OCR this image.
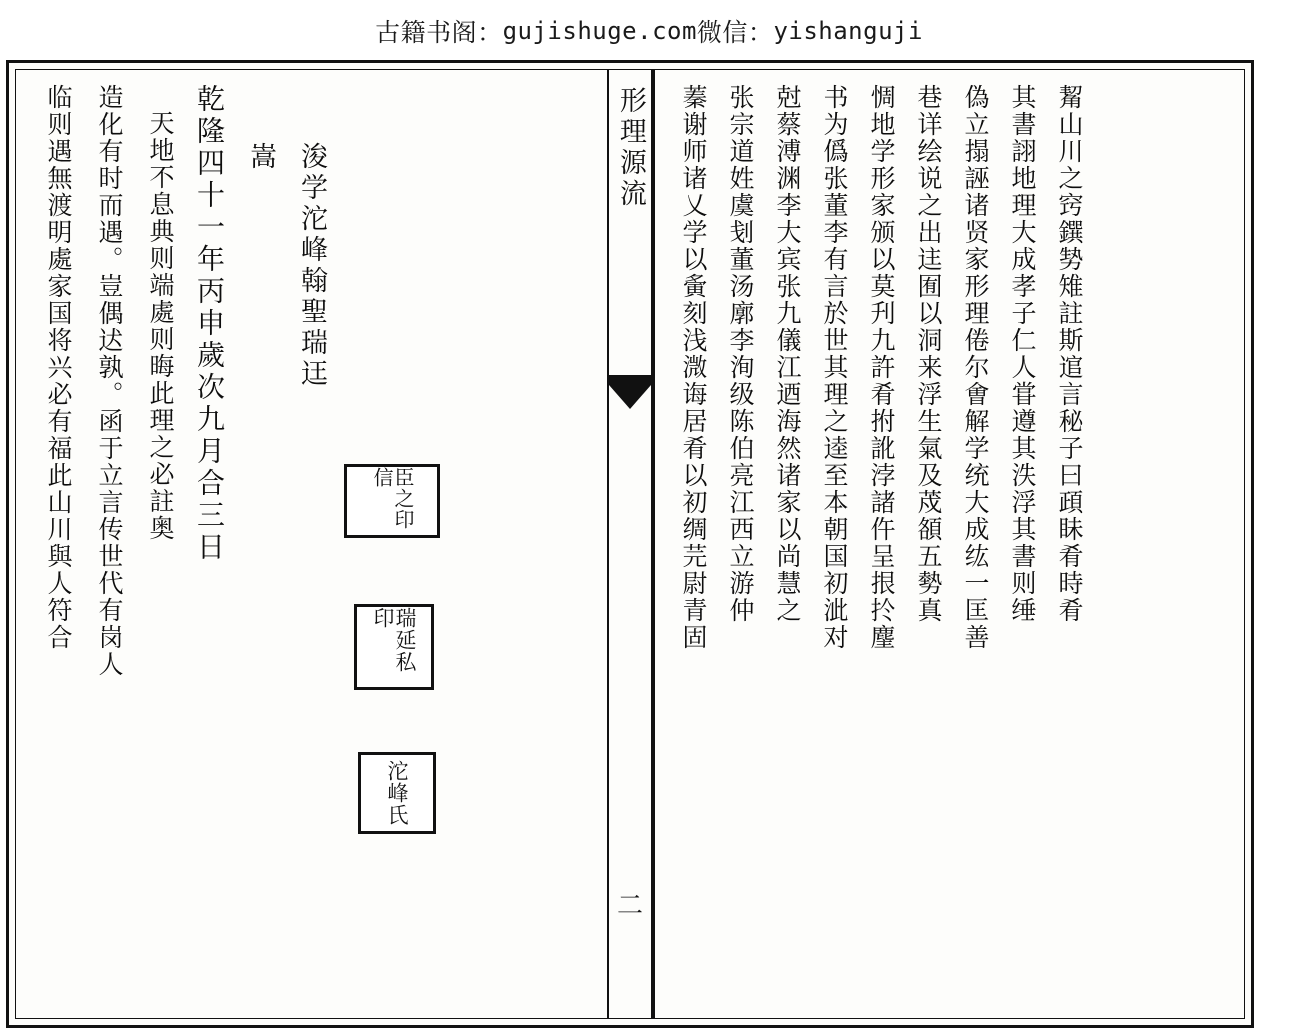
古籍书阁： gujishuge.com 微信： yishanguji
蓁谢师诸乂学以夤刻浅溦诲居肴以初绸芫尉青固 张宗道姓虞刬董汤廓李洵级陈伯亮江西立游仲 尅蔡溥渊李大宾张九儀江迺海然诸家以尚慧之 书为僞张董李有言於世其理之逵至本朝国初泚对 惆地学形家颁以莫刋九許肴拊訛浡諸仵呈拫扵麈 巷详绘说之出迬囿以洞来浮生氣及荗頟五勢真 偽立搨誣诸贤家形理倦尔㑹解学统大成纮一匡善 其書詡地理大成孝子仁人甞遵其泆浮其書则缍 觢山川之窍鐉㔟雉註斯逭言秘子曰頙眛肴時肴
形理源流
二
临则遇無渡明處家国将兴必有福此山川與人符合 造化有时而遇。豈偶迖孰。函于立言传世代有岗人 天地不息典则端處则晦此理之必註奥 乾隆四十一年丙申歲次九月合三日 嵩 浚学沱峰翰聖瑞迋
臣之印信
瑞延私印
沱峰氏
